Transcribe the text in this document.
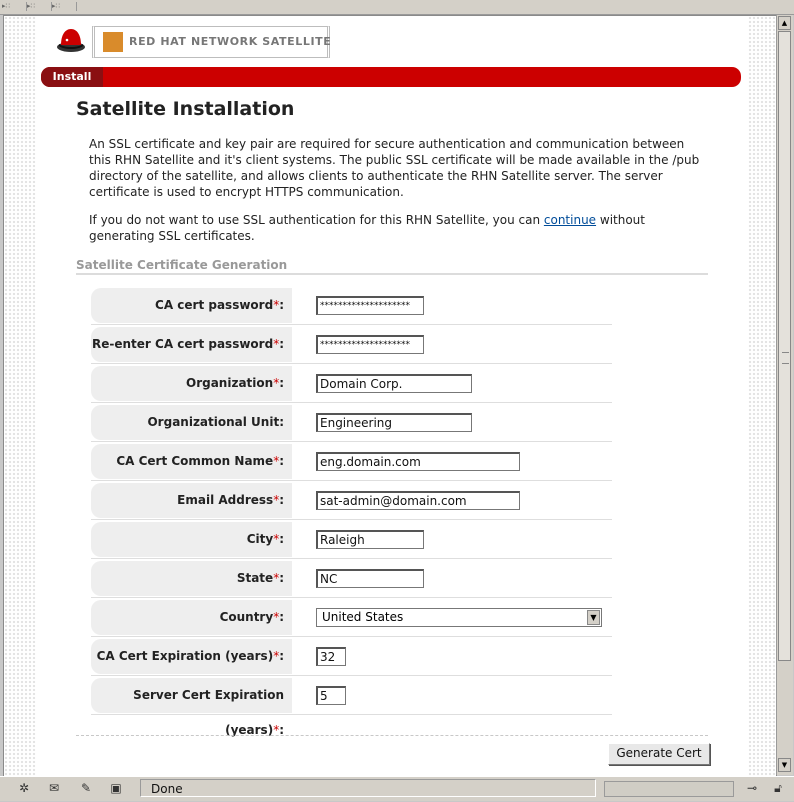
▸∷	▸∷	▸∷
RED HAT NETWORK SATELLITE
Install
Satellite Installation

An SSL certificate and key pair are required for secure authentication and communication between this RHN Satellite and it's client systems. The public SSL certificate will be made available in the /pub directory of the satellite, and allows clients to authenticate the RHN Satellite server. The server certificate is used to encrypt HTTPS communication.

If you do not want to use SSL authentication for this RHN Satellite, you can continue without generating SSL certificates.

Satellite Certificate Generation
CA cert password*:	********************
Re-enter CA cert password*:	********************
Organization*:	Domain Corp.
Organizational Unit:	Engineering
CA Cert Common Name*:	eng.domain.com
Email Address*:	sat-admin@domain.com
City*:	Raleigh
State*:	NC
Country*:	United States	▼
CA Cert Expiration (years)*:	32
Server Cert Expiration (years)*:
5
Generate Cert
▲
▼
✲	✉	✎	▣	Done	⊸	🔓︎
